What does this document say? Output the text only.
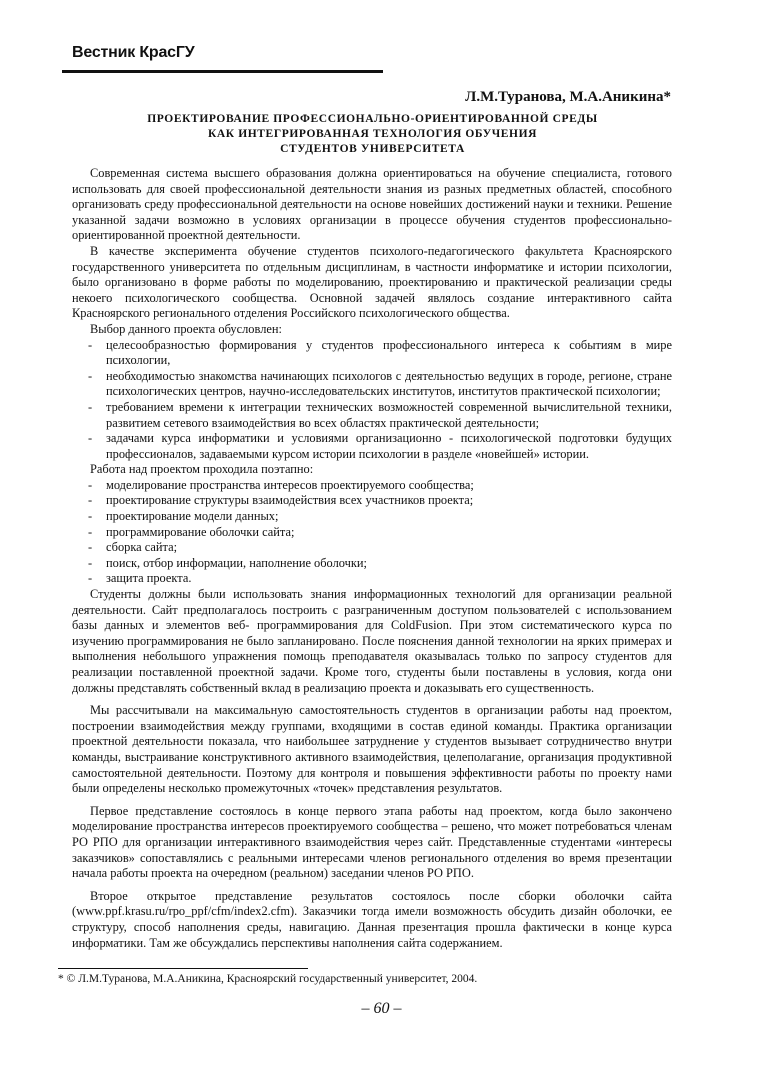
Вестник КрасГУ
Л.М.Туранова, М.А.Аникина*
ПРОЕКТИРОВАНИЕ ПРОФЕССИОНАЛЬНО-ОРИЕНТИРОВАННОЙ СРЕДЫ
КАК ИНТЕГРИРОВАННАЯ ТЕХНОЛОГИЯ ОБУЧЕНИЯ
СТУДЕНТОВ УНИВЕРСИТЕТА

Современная система высшего образования должна ориентироваться на обучение специалиста, готового использовать для своей профессиональной деятельности знания из разных предметных областей, способного организовать среду профессиональной деятельности на основе новейших достижений науки и техники. Решение указанной задачи возможно в условиях организации в процессе обучения студентов профессионально-ориентированной проектной деятельности.

В качестве эксперимента обучение студентов психолого-педагогического факультета Красноярского государственного университета по отдельным дисциплинам, в частности информатике и истории психологии, было организовано в форме работы по моделированию, проектированию и практической реализации среды некоего психологического сообщества. Основной задачей являлось создание интерактивного сайта Красноярского регионального отделения Российского психологического общества.

Выбор данного проекта обусловлен:

- целесообразностью формирования у студентов профессионального интереса к событиям в мире психологии,
- необходимостью знакомства начинающих психологов с деятельностью ведущих в городе, регионе, стране психологических центров, научно-исследовательских институтов, институтов практической психологии;
- требованием времени к интеграции технических возможностей современной вычислительной техники, развитием сетевого взаимодействия во всех областях практической деятельности;
- задачами курса информатики и условиями организационно - психологической подготовки будущих профессионалов, задаваемыми курсом истории психологии в разделе «новейшей» истории.

Работа над проектом проходила поэтапно:

- моделирование пространства интересов проектируемого сообщества;
- проектирование структуры взаимодействия всех участников проекта;
- проектирование модели данных;
- программирование оболочки сайта;
- сборка сайта;
- поиск, отбор информации, наполнение оболочки;
- защита проекта.

Студенты должны были использовать знания информационных технологий для организации реальной деятельности. Сайт предполагалось построить с разграниченным доступом пользователей с использованием базы данных и элементов веб- программирования для ColdFusion. При этом систематического курса по изучению программирования не было запланировано. После пояснения данной технологии на ярких примерах и выполнения небольшого упражнения помощь преподавателя оказывалась только по запросу студентов для реализации поставленной проектной задачи. Кроме того, студенты были поставлены в условия, когда они должны представлять собственный вклад в реализацию проекта и доказывать его существенность.

Мы рассчитывали на максимальную самостоятельность студентов в организации работы над проектом, построении взаимодействия между группами, входящими в состав единой команды. Практика организации проектной деятельности показала, что наибольшее затруднение у студентов вызывает сотрудничество внутри команды, выстраивание конструктивного активного взаимодействия, целеполагание, организация продуктивной самостоятельной деятельности. Поэтому для контроля и повышения эффективности работы по проекту нами были определены несколько промежуточных «точек» представления результатов.

Первое представление состоялось в конце первого этапа работы над проектом, когда было закончено моделирование пространства интересов проектируемого сообщества – решено, что может потребоваться членам РО РПО для организации интерактивного взаимодействия через сайт. Представленные студентами «интересы заказчиков» сопоставлялись с реальными интересами членов регионального отделения во время презентации начала работы проекта на очередном (реальном) заседании членов РО РПО.

Второе открытое представление результатов состоялось после сборки оболочки сайта (www.ppf.krasu.ru/rpo_ppf/cfm/index2.cfm). Заказчики тогда имели возможность обсудить дизайн оболочки, ее структуру, способ наполнения среды, навигацию. Данная презентация прошла фактически в конце курса информатики. Там же обсуждались перспективы наполнения сайта содержанием.

* © Л.М.Туранова, М.А.Аникина, Красноярский государственный университет, 2004.
– 60 –
